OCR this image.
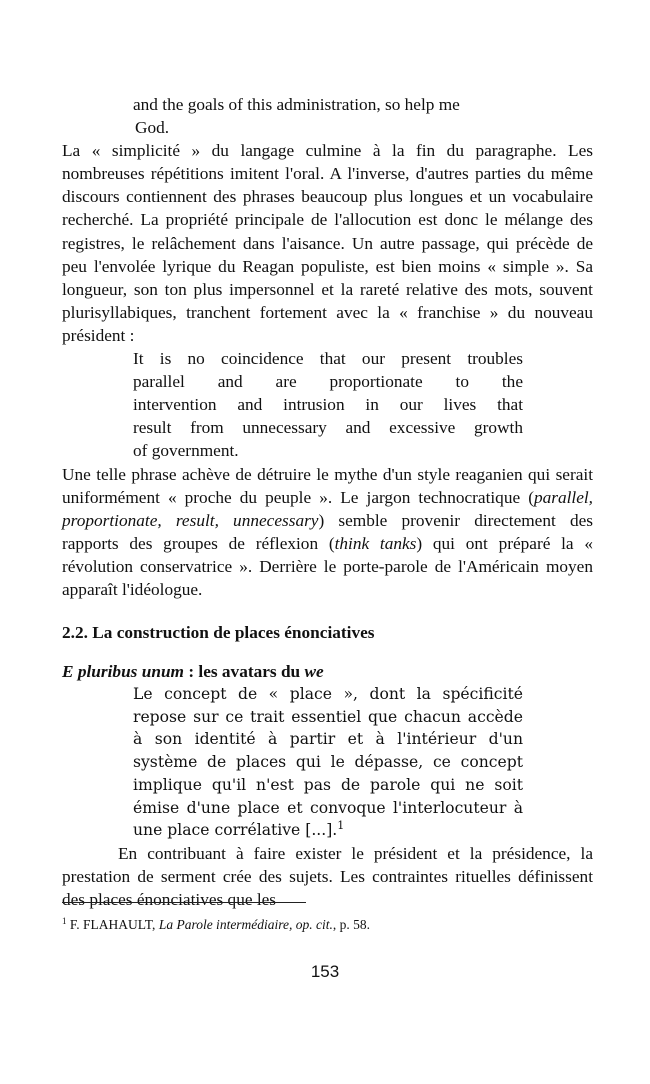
and the goals of this administration, so help me
God.

La « simplicité » du langage culmine à la fin du paragraphe. Les nombreuses répétitions imitent l'oral. A l'inverse, d'autres parties du même discours contiennent des phrases beaucoup plus longues et un vocabulaire recherché. La propriété principale de l'allocution est donc le mélange des registres, le relâchement dans l'aisance. Un autre passage, qui précède de peu l'envolée lyrique du Reagan populiste, est bien moins « simple ». Sa longueur, son ton plus impersonnel et la rareté relative des mots, souvent plurisyllabiques, tranchent fortement avec la « franchise » du nouveau président :

It is no coincidence that our present troubles
parallel and are proportionate to the
intervention and intrusion in our lives that
result from unnecessary and excessive growth
of government.

Une telle phrase achève de détruire le mythe d'un style reaganien qui serait uniformément « proche du peuple ». Le jargon technocratique (parallel, proportionate, result, unnecessary) semble provenir directement des rapports des groupes de réflexion (think tanks) qui ont préparé la « révolution conservatrice ». Derrière le porte-parole de l'Américain moyen apparaît l'idéologue.

2.2. La construction de places énonciatives
E pluribus unum : les avatars du we
Le concept de « place », dont la spécificité
repose sur ce trait essentiel que chacun accède
à son identité à partir et à l'intérieur d'un
système de places qui le dépasse, ce concept
implique qu'il n'est pas de parole qui ne soit
émise d'une place et convoque l'interlocuteur à
une place corrélative [...].$^1$

En contribuant à faire exister le président et la présidence, la prestation de serment crée des sujets. Les contraintes rituelles définissent des places énonciatives que les

$^1$ F. FLAHAULT, La Parole intermédiaire, op. cit., p. 58.
153
